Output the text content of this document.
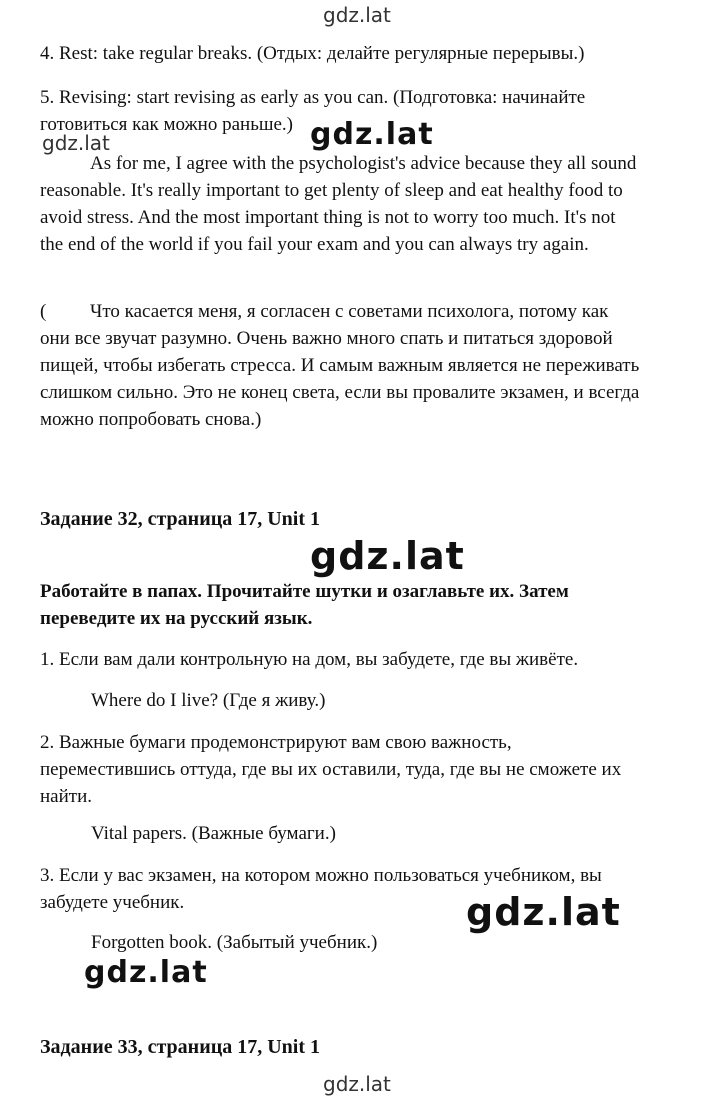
gdz.lat

4. Rest: take regular breaks. (Отдых: делайте регулярные перерывы.)

5. Revising: start revising as early as you can. (Подготовка: начинайте готовиться как можно раньше.) gdz.lat
gdz.lat

As for me, I agree with the psychologist's advice because they all sound reasonable. It's really important to get plenty of sleep and eat healthy food to avoid stress. And the most important thing is not to worry too much. It's not the end of the world if you fail your exam and you can always try again.

(	Что касается меня, я согласен с советами психолога, потому как они все звучат разумно. Очень важно много спать и питаться здоровой пищей, чтобы избегать стресса. И самым важным является не переживать слишком сильно. Это не конец света, если вы провалите экзамен, и всегда можно попробовать снова.)

Задание 32, страница 17, Unit 1
gdz.lat

Работайте в папах. Прочитайте шутки и озаглавьте их. Затем переведите их на русский язык.

1. Если вам дали контрольную на дом, вы забудете, где вы живёте.

Where do I live? (Где я живу.)

2. Важные бумаги продемонстрируют вам свою важность, переместившись оттуда, где вы их оставили, туда, где вы не сможете их найти.

Vital papers. (Важные бумаги.)

3. Если у вас экзамен, на котором можно пользоваться учебником, вы забудете учебник.	gdz.lat

Forgotten book. (Забытый учебник.)

gdz.lat
Задание 33, страница 17, Unit 1
gdz.lat
